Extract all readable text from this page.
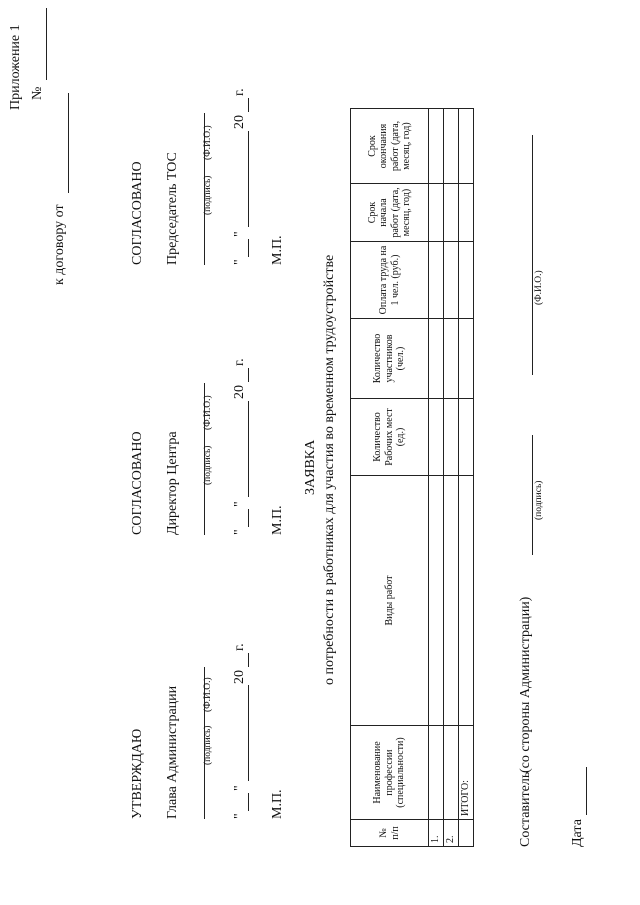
Приложение 1 №
к договору от
УТВЕРЖДАЮ Глава Администрации (подпись)
(Ф.И.О.)
"
"
20
г.
М.П.
СОГЛАСОВАНО Директор Центра (подпись)
(Ф.И.О.)
"
"
20
г.
М.П.
СОГЛАСОВАНО Председатель ТОС (подпись)
(Ф.И.О.)
"
"
20
г.
М.П.
ЗАЯВКА о потребности в работниках для участия во временном трудоустройстве
№ п/п	Наименование профессии (специальности)	Виды работ	Количество Рабочих мест (ед.)	Количество участников (чел.)	Оплата труда на 1 чел. (руб.)	Срок начала работ (дата, месяц, год)	Срок окончания работ (дата, месяц, год)
1.							
2.							
	ИТОГО:							Составитель
(со стороны Администрации)
(подпись)
(Ф.И.О.)
Дата
